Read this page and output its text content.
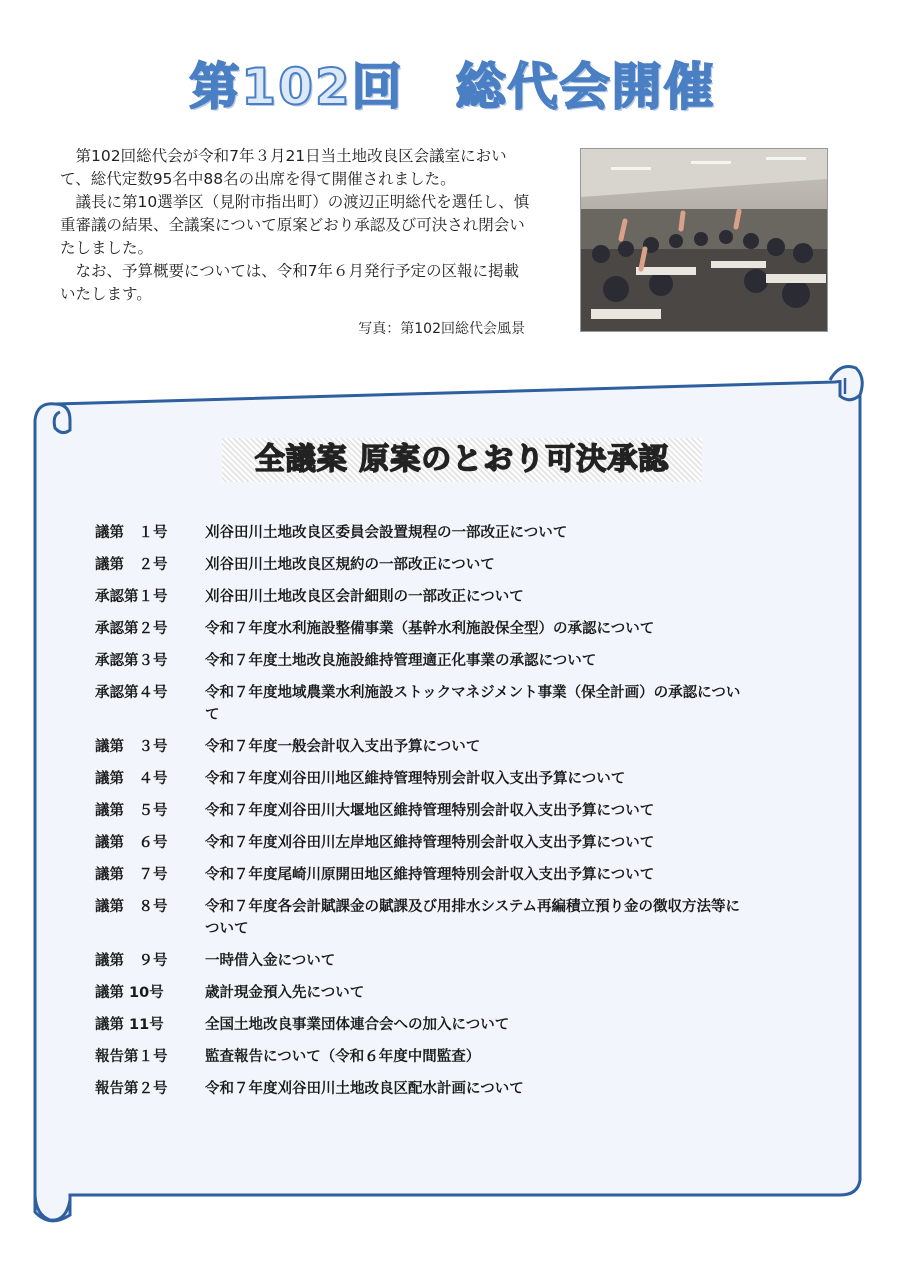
第102回　総代会開催

第102回総代会が令和7年３月21日当土地改良区会議室において、総代定数95名中88名の出席を得て開催されました。

議長に第10選挙区（見附市指出町）の渡辺正明総代を選任し、慎重審議の結果、全議案について原案どおり承認及び可決され閉会いたしました。

なお、予算概要については、令和7年６月発行予定の区報に掲載いたします。

写真：第102回総代会風景
全議案 原案のとおり可決承認
議第　１号	刈谷田川土地改良区委員会設置規程の一部改正について
議第　２号	刈谷田川土地改良区規約の一部改正について
承認第１号	刈谷田川土地改良区会計細則の一部改正について
承認第２号	令和７年度水利施設整備事業（基幹水利施設保全型）の承認について
承認第３号	令和７年度土地改良施設維持管理適正化事業の承認について
承認第４号	令和７年度地域農業水利施設ストックマネジメント事業（保全計画）の承認について
議第　３号	令和７年度一般会計収入支出予算について
議第　４号	令和７年度刈谷田川地区維持管理特別会計収入支出予算について
議第　５号	令和７年度刈谷田川大堰地区維持管理特別会計収入支出予算について
議第　６号	令和７年度刈谷田川左岸地区維持管理特別会計収入支出予算について
議第　７号	令和７年度尾崎川原開田地区維持管理特別会計収入支出予算について
議第　８号	令和７年度各会計賦課金の賦課及び用排水システム再編積立預り金の徴収方法等について
議第　９号	一時借入金について
議第 10号	歳計現金預入先について
議第 11号	全国土地改良事業団体連合会への加入について
報告第１号	監査報告について（令和６年度中間監査）
報告第２号	令和７年度刈谷田川土地改良区配水計画について
